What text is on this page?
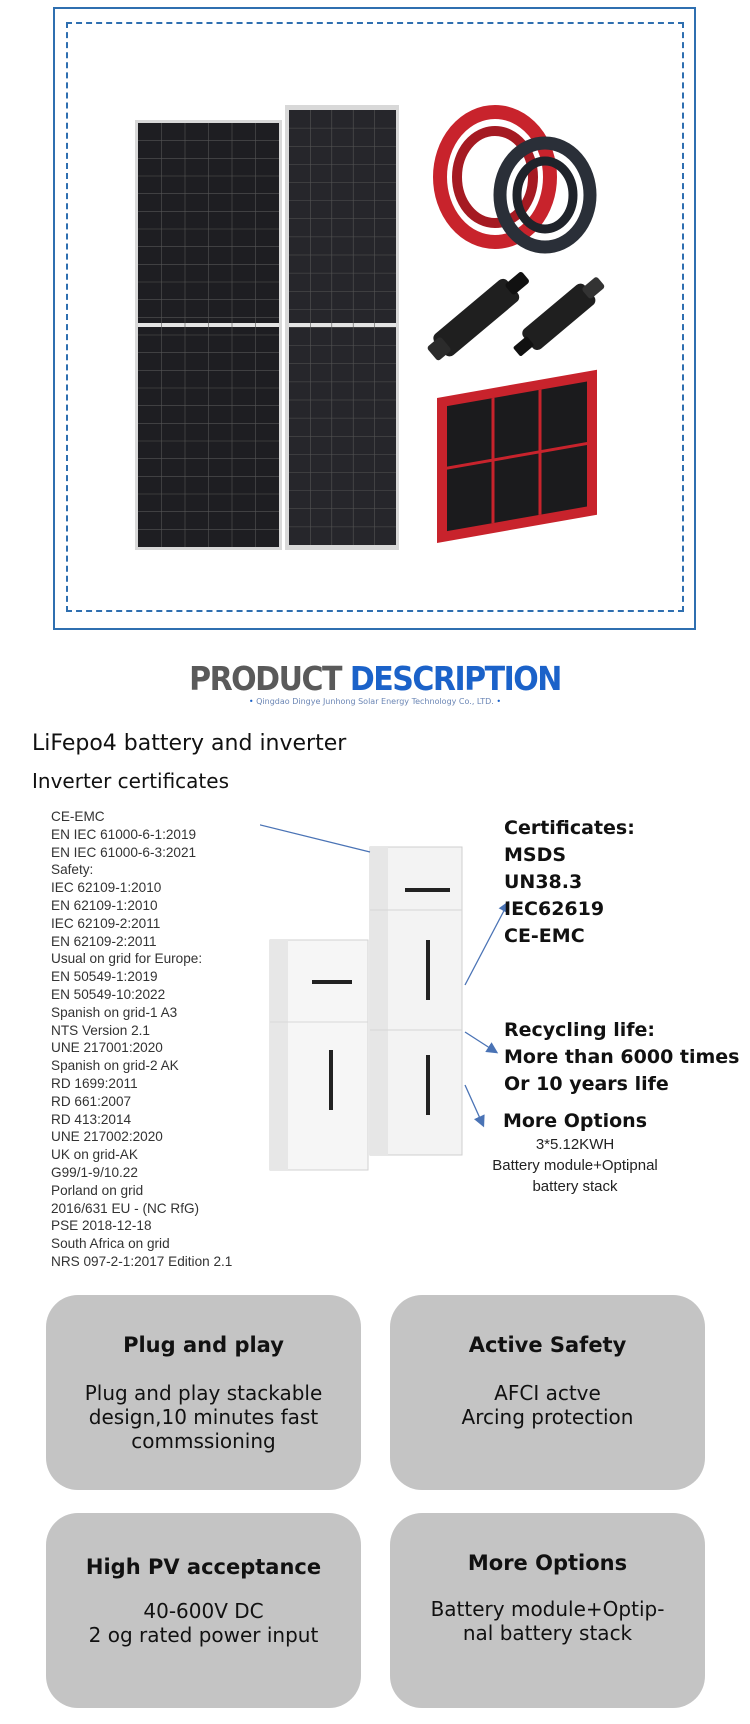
PRODUCT DESCRIPTION
• Qingdao Dingye Junhong Solar Energy Technology Co., LTD. •
LiFepo4 battery and inverter
Inverter certificates
CE-EMC
EN IEC 61000-6-1:2019
EN IEC 61000-6-3:2021
Safety:
IEC 62109-1:2010
EN 62109-1:2010
IEC 62109-2:2011
EN 62109-2:2011
Usual on grid for Europe:
EN 50549-1:2019
EN 50549-10:2022
Spanish on grid-1 A3
NTS Version 2.1
UNE 217001:2020
Spanish on grid-2 AK
RD 1699:2011
RD 661:2007
RD 413:2014
UNE 217002:2020
UK on grid-AK
G99/1-9/10.22
Porland on grid
2016/631 EU - (NC RfG)
PSE 2018-12-18
South Africa on grid
NRS 097-2-1:2017 Edition 2.1
Certificates:
MSDS
UN38.3
IEC62619
CE-EMC
Recycling life:
More than 6000 times
Or 10 years life
More Options
3*5.12KWH
Battery module+Optipnal
battery stack
Plug and play
Plug and play stackable
design,10 minutes fast
commssioning
Active Safety
AFCI actve
Arcing protection
High PV acceptance
40-600V DC
2 og rated power input
More Options
Battery module+Optip-
nal battery stack
